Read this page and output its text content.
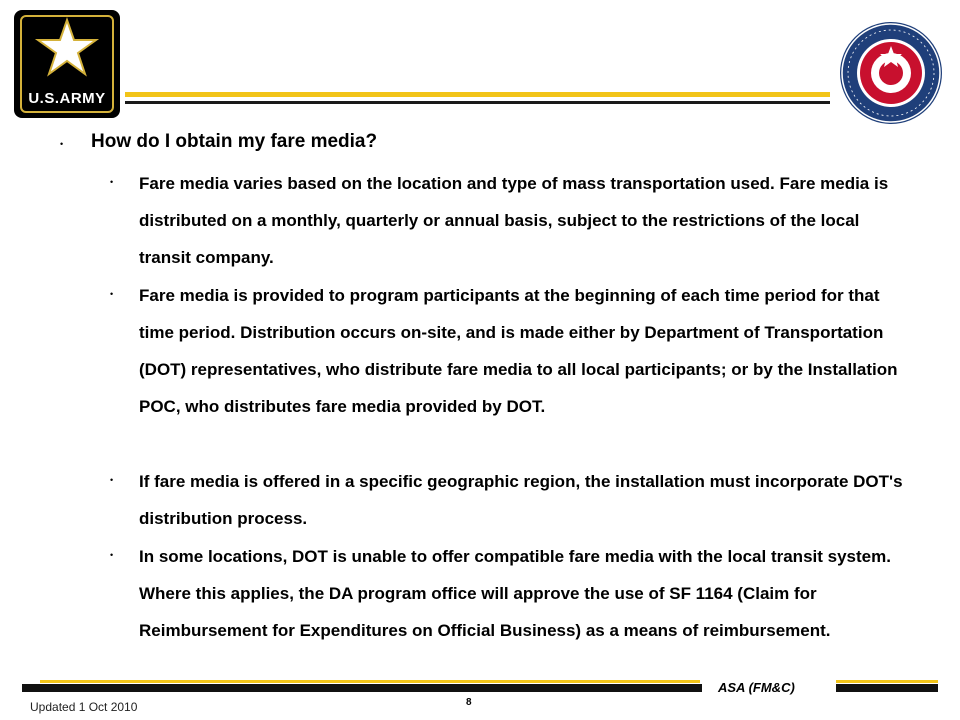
U.S.ARMY
• How do I obtain my fare media?
• Fare media varies based on the location and type of mass transportation used. Fare media is distributed on a monthly, quarterly or annual basis, subject to the restrictions of the local transit company.
• Fare media is provided to program participants at the beginning of each time period for that time period. Distribution occurs on-site, and is made either by Department of Transportation (DOT) representatives, who distribute fare media to all local participants; or by the Installation POC, who distributes fare media provided by DOT.
• If fare media is offered in a specific geographic region, the installation must incorporate DOT's distribution process.
• In some locations, DOT is unable to offer compatible fare media with the local transit system. Where this applies, the DA program office will approve the use of SF 1164 (Claim for Reimbursement for Expenditures on Official Business) as a means of reimbursement.
ASA (FM&C)
Updated 1 Oct 2010	8
